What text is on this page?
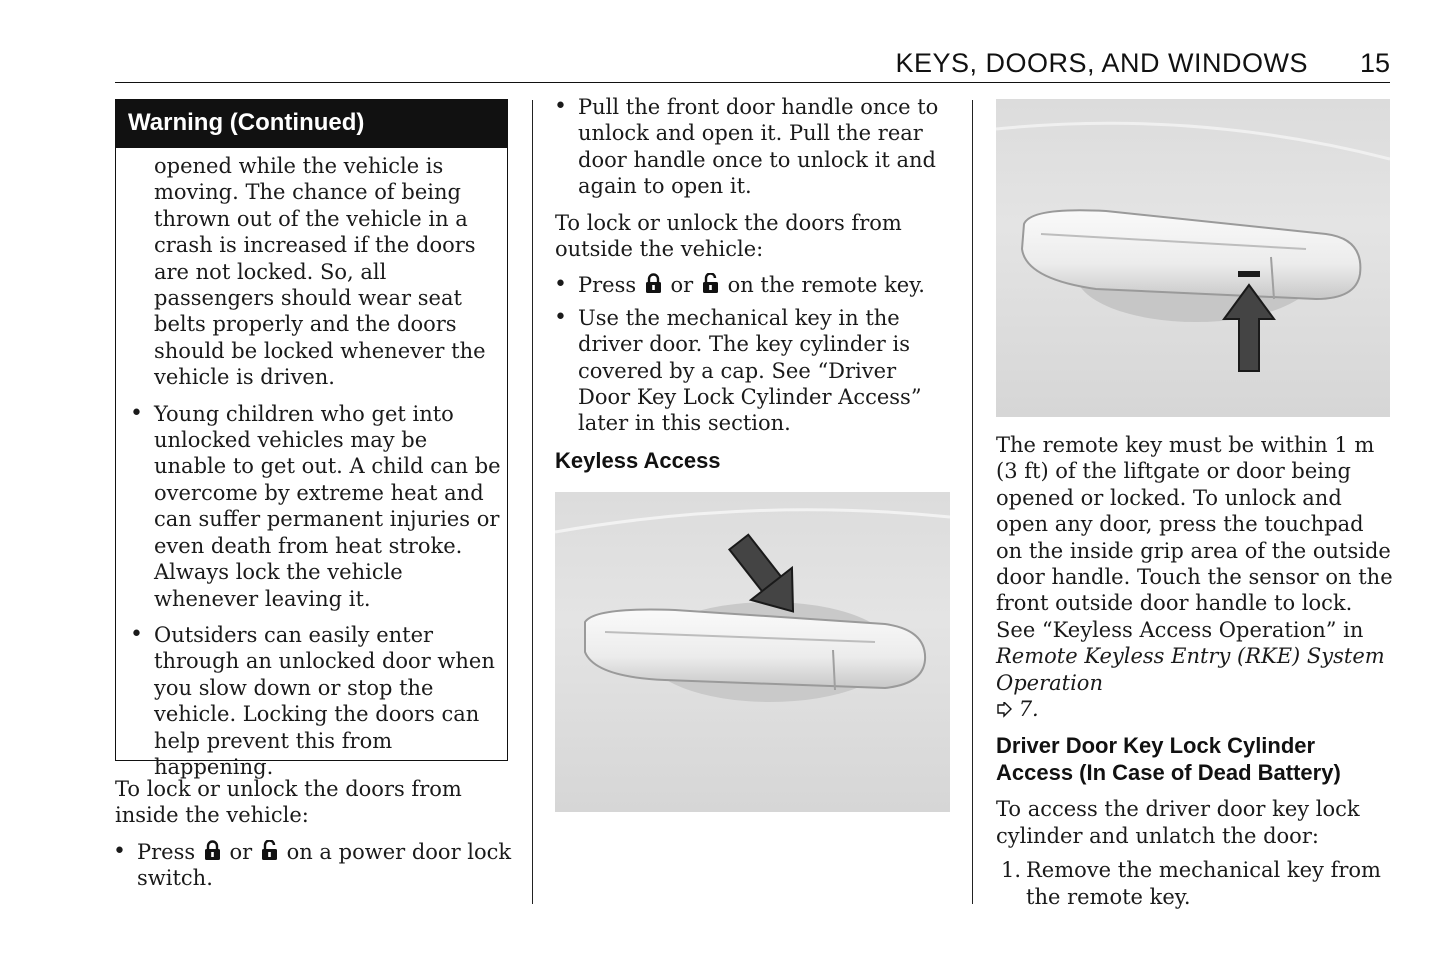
KEYS, DOORS, AND WINDOWS 15
Warning (Continued)

opened while the vehicle is moving. The chance of being thrown out of the vehicle in a crash is increased if the doors are not locked. So, all passengers should wear seat belts properly and the doors should be locked whenever the vehicle is driven.

• Young children who get into unlocked vehicles may be unable to get out. A child can be overcome by extreme heat and can suffer permanent injuries or even death from heat stroke. Always lock the vehicle whenever leaving it.

• Outsiders can easily enter through an unlocked door when you slow down or stop the vehicle. Locking the doors can help prevent this from happening.

To lock or unlock the doors from inside the vehicle:

• Press or on a power door lock switch.

• Pull the front door handle once to unlock and open it. Pull the rear door handle once to unlock it and again to open it.

To lock or unlock the doors from outside the vehicle:

• Press or on the remote key.

• Use the mechanical key in the driver door. The key cylinder is covered by a cap. See “Driver Door Key Lock Cylinder Access” later in this section.

Keyless Access

The remote key must be within 1 m (3 ft) of the liftgate or door being opened or locked. To unlock and open any door, press the touchpad on the inside grip area of the outside door handle. Touch the sensor on the front outside door handle to lock. See “Keyless Access Operation” in Remote Keyless Entry (RKE) System Operation
7.

Driver Door Key Lock Cylinder Access (In Case of Dead Battery)

To access the driver door key lock cylinder and unlatch the door:

1. Remove the mechanical key from the remote key.
